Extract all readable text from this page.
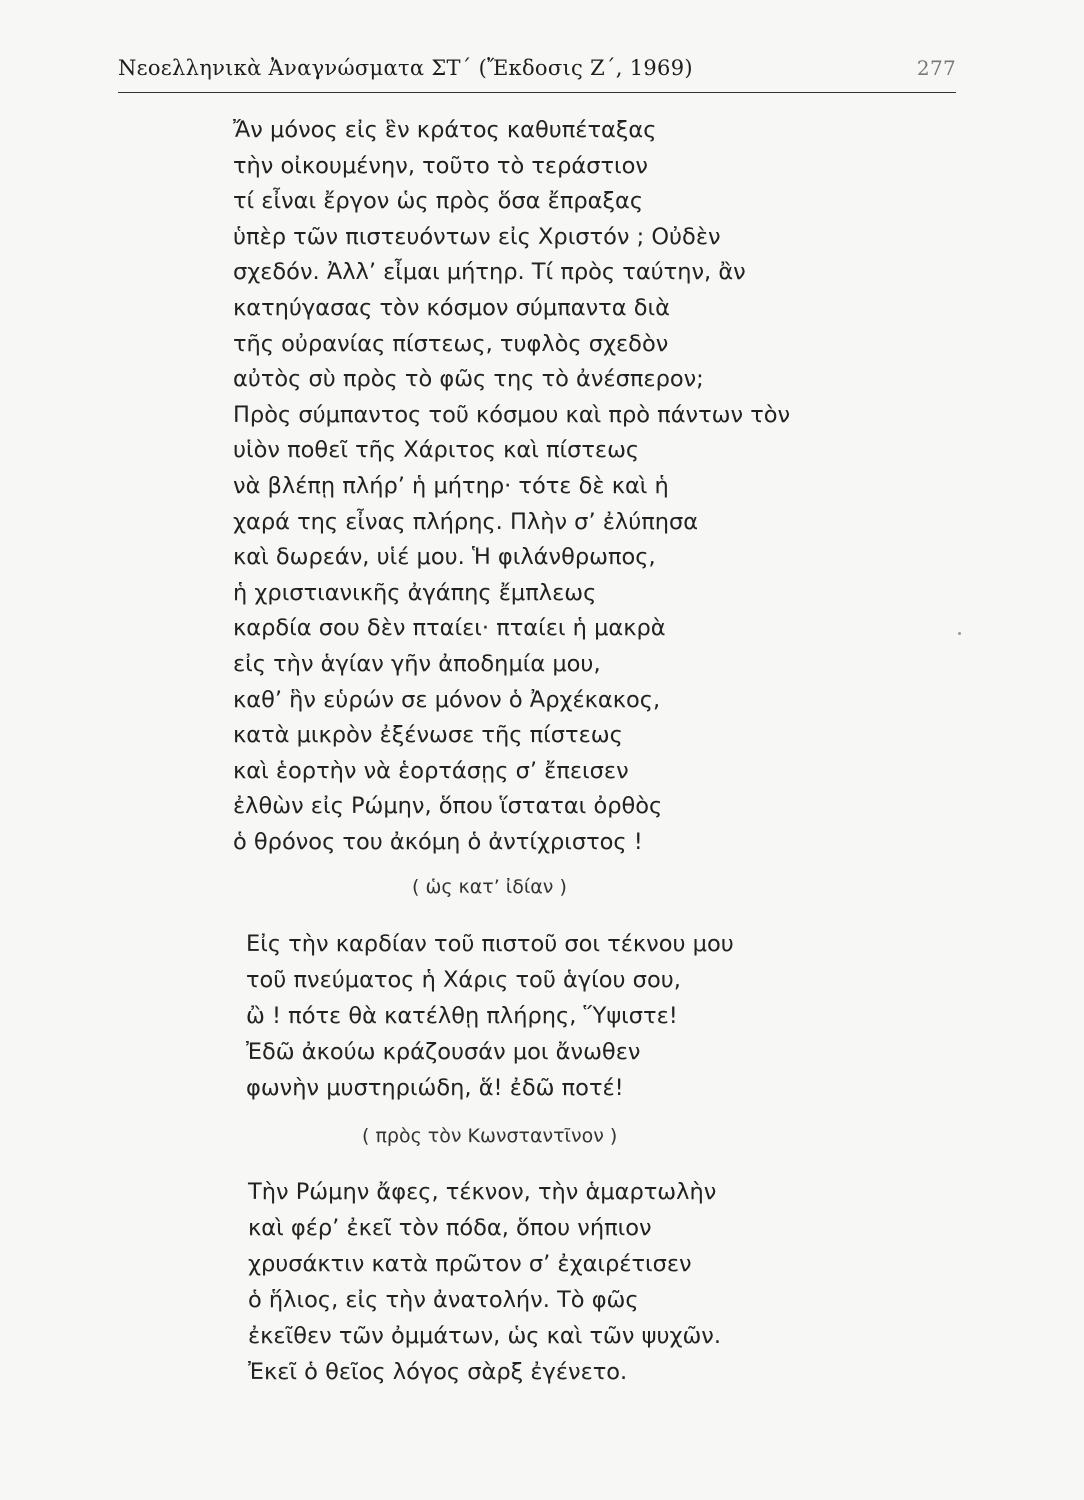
Νεοελληνικὰ Ἀναγνώσματα ΣΤ΄ (Ἔκδοσις Ζ΄, 1969)	277
Ἄν μόνος εἰς ἓν κράτος καθυπέταξας
τὴν οἰκουμένην, τοῦτο τὸ τεράστιον
τί εἶναι ἔργον ὡς πρὸς ὅσα ἔπραξας
ὑπὲρ τῶν πιστευόντων εἰς Χριστόν ; Οὐδὲν
σχεδόν. Ἀλλ’ εἶμαι μήτηρ. Τί πρὸς ταύτην, ἂν
κατηύγασας τὸν κόσμον σύμπαντα διὰ
τῆς οὐρανίας πίστεως, τυφλὸς σχεδὸν
αὐτὸς σὺ πρὸς τὸ φῶς της τὸ ἀνέσπερον;
Πρὸς σύμπαντος τοῦ κόσμου καὶ πρὸ πάντων τὸν
υἱὸν ποθεῖ τῆς Χάριτος καὶ πίστεως
νὰ βλέπῃ πλήρ’ ἡ μήτηρ· τότε δὲ καὶ ἡ
χαρά της εἶνας πλήρης. Πλὴν σ’ ἐλύπησα
καὶ δωρεάν, υἱέ μου. Ἡ φιλάνθρωπος,
ἡ χριστιανικῆς ἀγάπης ἔμπλεως
καρδία σου δὲν πταίει· πταίει ἡ μακρὰ
εἰς τὴν ἁγίαν γῆν ἀποδημία μου,
καθ’ ἣν εὑρών σε μόνον ὁ Ἀρχέκακος,
κατὰ μικρὸν ἐξένωσε τῆς πίστεως
καὶ ἑορτὴν νὰ ἑορτάσῃς σ’ ἔπεισεν
ἐλθὼν εἰς Ρώμην, ὅπου ἵσταται ὀρθὸς
ὁ θρόνος του ἀκόμη ὁ ἀντίχριστος !
( ὡς κατ’ ἰδίαν )
Εἰς τὴν καρδίαν τοῦ πιστοῦ σοι τέκνου μου
τοῦ πνεύματος ἡ Χάρις τοῦ ἁγίου σου,
ὢ ! πότε θὰ κατέλθῃ πλήρης, Ὕψιστε!
Ἐδῶ ἀκούω κράζουσάν μοι ἄνωθεν
φωνὴν μυστηριώδη, ἅ! ἐδῶ ποτέ!
( πρὸς τὸν Κωνσταντῖνον )
Τὴν Ρώμην ἄφες, τέκνον, τὴν ἁμαρτωλὴν
καὶ φέρ’ ἐκεῖ τὸν πόδα, ὅπου νήπιον
χρυσάκτιν κατὰ πρῶτον σ’ ἐχαιρέτισεν
ὁ ἥλιος, εἰς τὴν ἀνατολήν. Τὸ φῶς
ἐκεῖθεν τῶν ὀμμάτων, ὡς καὶ τῶν ψυχῶν.
Ἐκεῖ ὁ θεῖος λόγος σὰρξ ἐγένετο.
